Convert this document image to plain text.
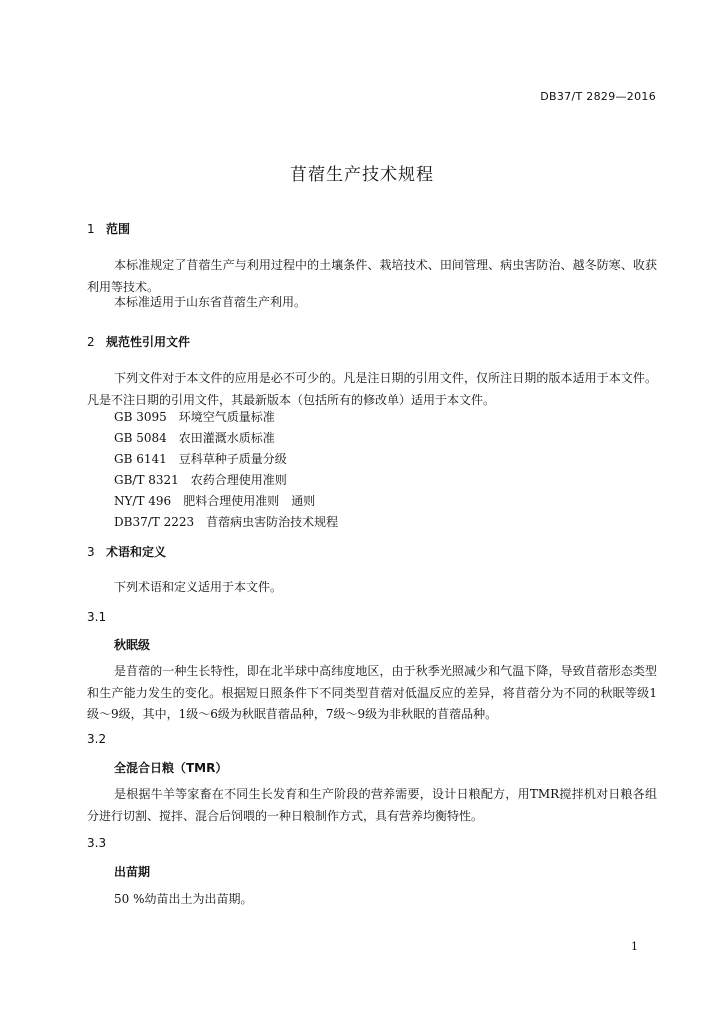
DB37/T 2829—2016
苜蓿生产技术规程
1 范围
本标准规定了苜蓿生产与利用过程中的土壤条件、栽培技术、田间管理、病虫害防治、越冬防寒、收获利用等技术。
本标准适用于山东省苜蓿生产利用。
2 规范性引用文件
下列文件对于本文件的应用是必不可少的。凡是注日期的引用文件，仅所注日期的版本适用于本文件。凡是不注日期的引用文件，其最新版本（包括所有的修改单）适用于本文件。
GB 3095　环境空气质量标准
GB 5084　农田灌溉水质标准
GB 6141　豆科草种子质量分级
GB/T 8321　农药合理使用准则
NY/T 496　肥料合理使用准则　通则
DB37/T 2223　苜蓿病虫害防治技术规程
3 术语和定义
下列术语和定义适用于本文件。
3.1
秋眠级
是苜蓿的一种生长特性，即在北半球中高纬度地区，由于秋季光照减少和气温下降，导致苜蓿形态类型和生产能力发生的变化。根据短日照条件下不同类型苜蓿对低温反应的差异，将苜蓿分为不同的秋眠等级1级～9级，其中，1级～6级为秋眠苜蓿品种，7级～9级为非秋眠的苜蓿品种。
3.2
全混合日粮（TMR）
是根据牛羊等家畜在不同生长发育和生产阶段的营养需要，设计日粮配方，用TMR搅拌机对日粮各组分进行切割、搅拌、混合后饲喂的一种日粮制作方式，具有营养均衡特性。
3.3
出苗期
50 %幼苗出土为出苗期。
1
